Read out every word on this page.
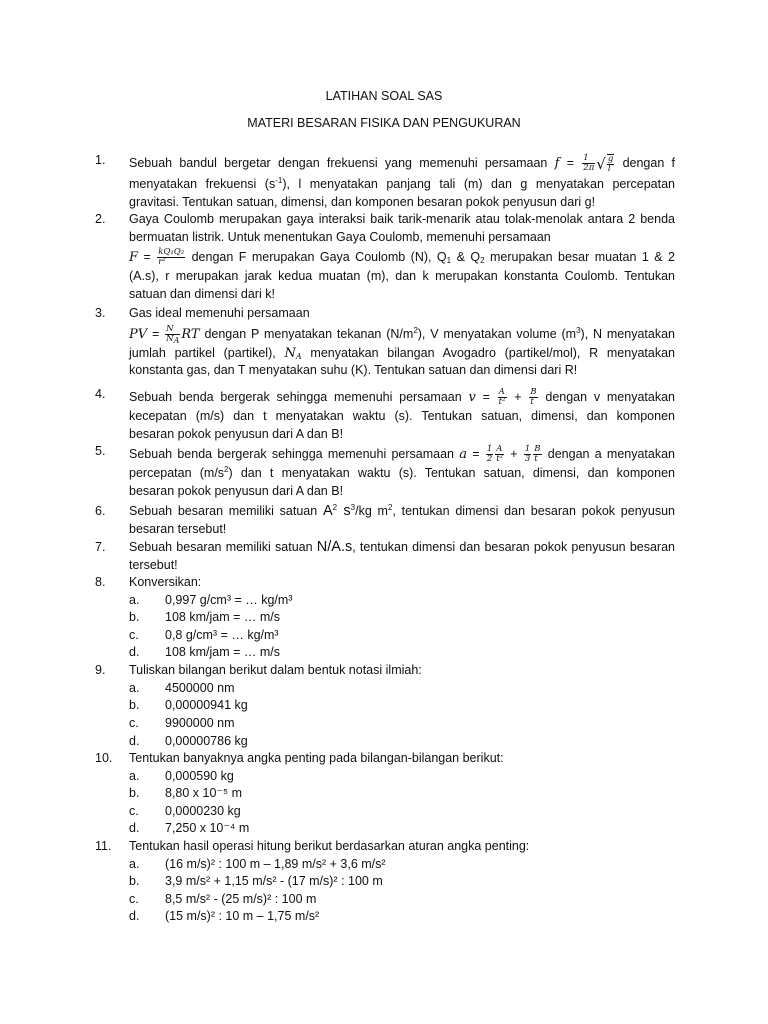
LATIHAN SOAL SAS
MATERI BESARAN FISIKA DAN PENGUKURAN
1.	Sebuah bandul bergetar dengan frekuensi yang memenuhi persamaan $f = \frac{1}{2\pi}$ √ $\frac{g}{l}$ dengan f
menyatakan frekuensi $(s^{-1})$, l menyatakan panjang tali (m) dan g menyatakan percepatan
gravitasi. Tentukan satuan, dimensi, dan komponen besaran pokok penyusun dari g!
2.	Gaya Coulomb merupakan gaya interaksi baik tarik-menarik atau tolak-menolak antara 2 benda
bermuatan listrik. Untuk menentukan Gaya Coulomb, memenuhi persamaan
$F = \frac{\text{kQ₁Q₂}}{\text{r²}}$ dengan F merupakan Gaya Coulomb (N), $Q_1$ & $Q_2$ merupakan besar muatan 1 & 2
(A.s), r merupakan jarak kedua muatan (m), dan k merupakan konstanta Coulomb. Tentukan
satuan dan dimensi dari k!
3.	Gas ideal memenuhi persamaan
PV = $\frac{N}{N_A}$ RT dengan P menyatakan tekanan $(N/m^2)$, V menyatakan volume $(m^3)$, N menyatakan
jumlah partikel (partikel), $N_A$ menyatakan bilangan Avogadro (partikel/mol), R menyatakan
konstanta gas, dan T menyatakan suhu (K). Tentukan satuan dan dimensi dari R!
4.	Sebuah benda bergerak sehingga memenuhi persamaan $v = \frac{A}{\text{t²}} + \frac{B}{t}$ dengan v menyatakan
kecepatan (m/s) dan t menyatakan waktu (s). Tentukan satuan, dimensi, dan komponen
besaran pokok penyusun dari A dan B!
5.	Sebuah benda bergerak sehingga memenuhi persamaan $a = \frac{1}{2} \frac{A}{\text{t²}} + \frac{1}{3} \frac{B}{t}$ dengan a menyatakan
percepatan $(m/s^2)$ dan t menyatakan waktu (s). Tentukan satuan, dimensi, dan komponen
besaran pokok penyusun dari A dan B!
6.	Sebuah besaran memiliki satuan $A^2$ $s^3/kg$ $m^2$, tentukan dimensi dan besaran pokok penyusun
besaran tersebut!
7.	Sebuah besaran memiliki satuan N/A.s, tentukan dimensi dan besaran pokok penyusun besaran
tersebut!
8.	Konversikan:
a. 0,997 g/cm³ = … kg/m³
b. 108 km/jam = … m/s
c. 0,8 g/cm³ = … kg/m³
d. 108 km/jam = … m/s
9.	Tuliskan bilangan berikut dalam bentuk notasi ilmiah:
a. 4500000 nm
b. 0,00000941 kg
c. 9900000 nm
d. 0,00000786 kg
10.	Tentukan banyaknya angka penting pada bilangan-bilangan berikut:
a. 0,000590 kg
b. 8,80 x 10⁻⁵ m
c. 0,0000230 kg
d. 7,250 x 10⁻⁴ m
11.	Tentukan hasil operasi hitung berikut berdasarkan aturan angka penting:
a. (16 m/s)² : 100 m – 1,89 m/s² + 3,6 m/s²
b. 3,9 m/s² + 1,15 m/s² - (17 m/s)² : 100 m
c. 8,5 m/s² - (25 m/s)² : 100 m
d. (15 m/s)² : 10 m – 1,75 m/s²
